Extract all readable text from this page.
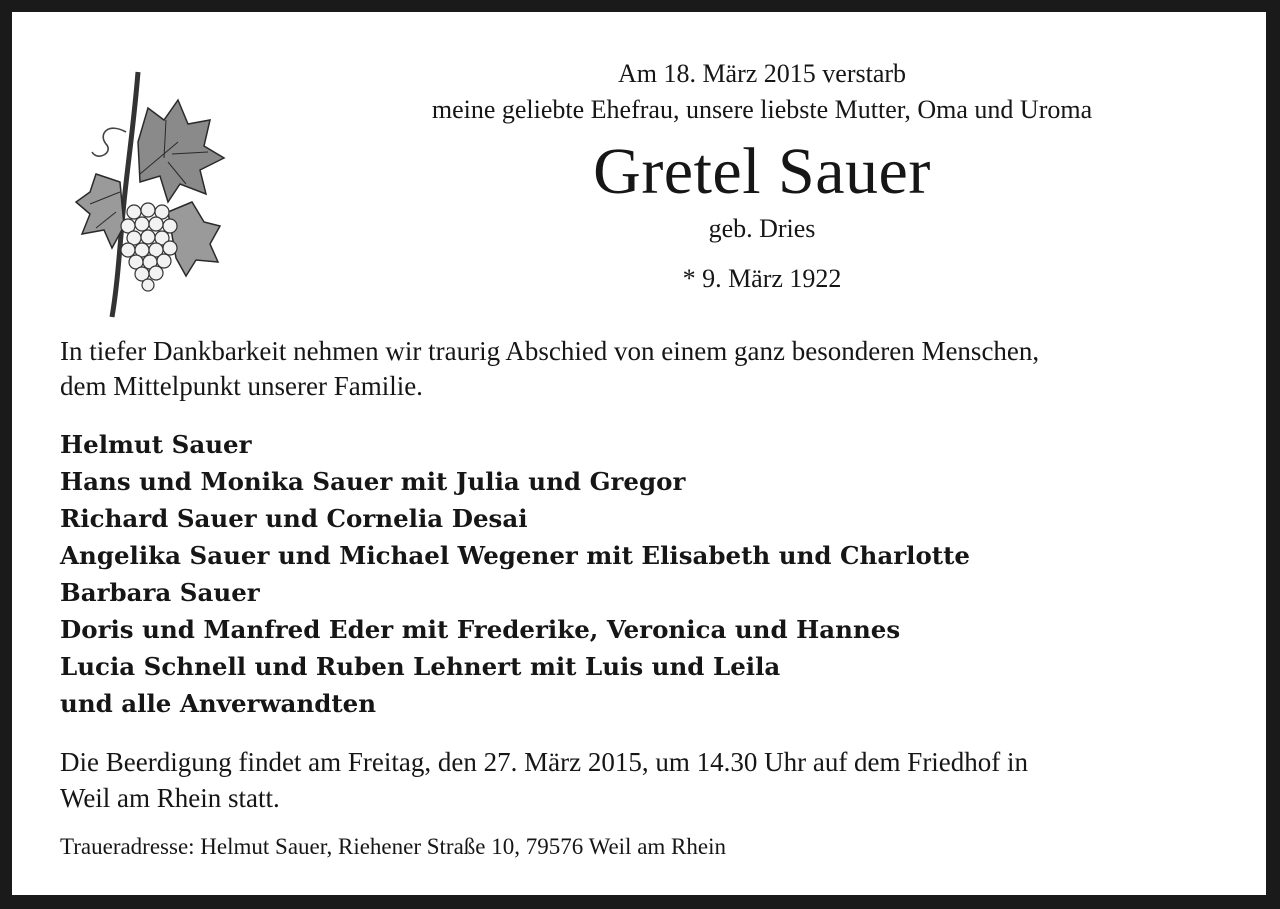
Am 18. März 2015 verstarb
meine geliebte Ehefrau, unsere liebste Mutter, Oma und Uroma
Gretel Sauer
geb. Dries
* 9. März 1922

In tiefer Dankbarkeit nehmen wir traurig Abschied von einem ganz besonderen Menschen,
dem Mittelpunkt unserer Familie.

Helmut Sauer
Hans und Monika Sauer mit Julia und Gregor
Richard Sauer und Cornelia Desai
Angelika Sauer und Michael Wegener mit Elisabeth und Charlotte
Barbara Sauer
Doris und Manfred Eder mit Frederike, Veronica und Hannes
Lucia Schnell und Ruben Lehnert mit Luis und Leila
und alle Anverwandten

Die Beerdigung findet am Freitag, den 27. März 2015, um 14.30 Uhr auf dem Friedhof in
Weil am Rhein statt.

Traueradresse: Helmut Sauer, Riehener Straße 10, 79576 Weil am Rhein
